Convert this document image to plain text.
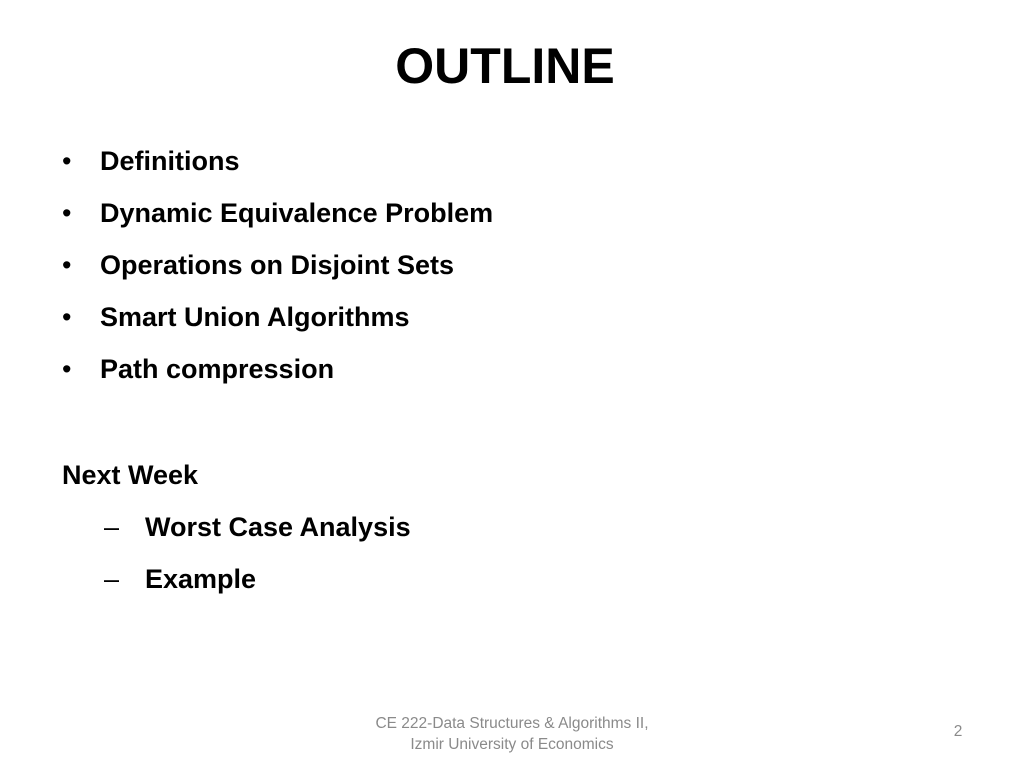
OUTLINE
•	Definitions
•	Dynamic Equivalence Problem
•	Operations on Disjoint Sets
•	Smart Union Algorithms
•	Path compression
Next Week
– Worst Case Analysis
– Example
CE 222-Data Structures & Algorithms II,
Izmir University of Economics
2
